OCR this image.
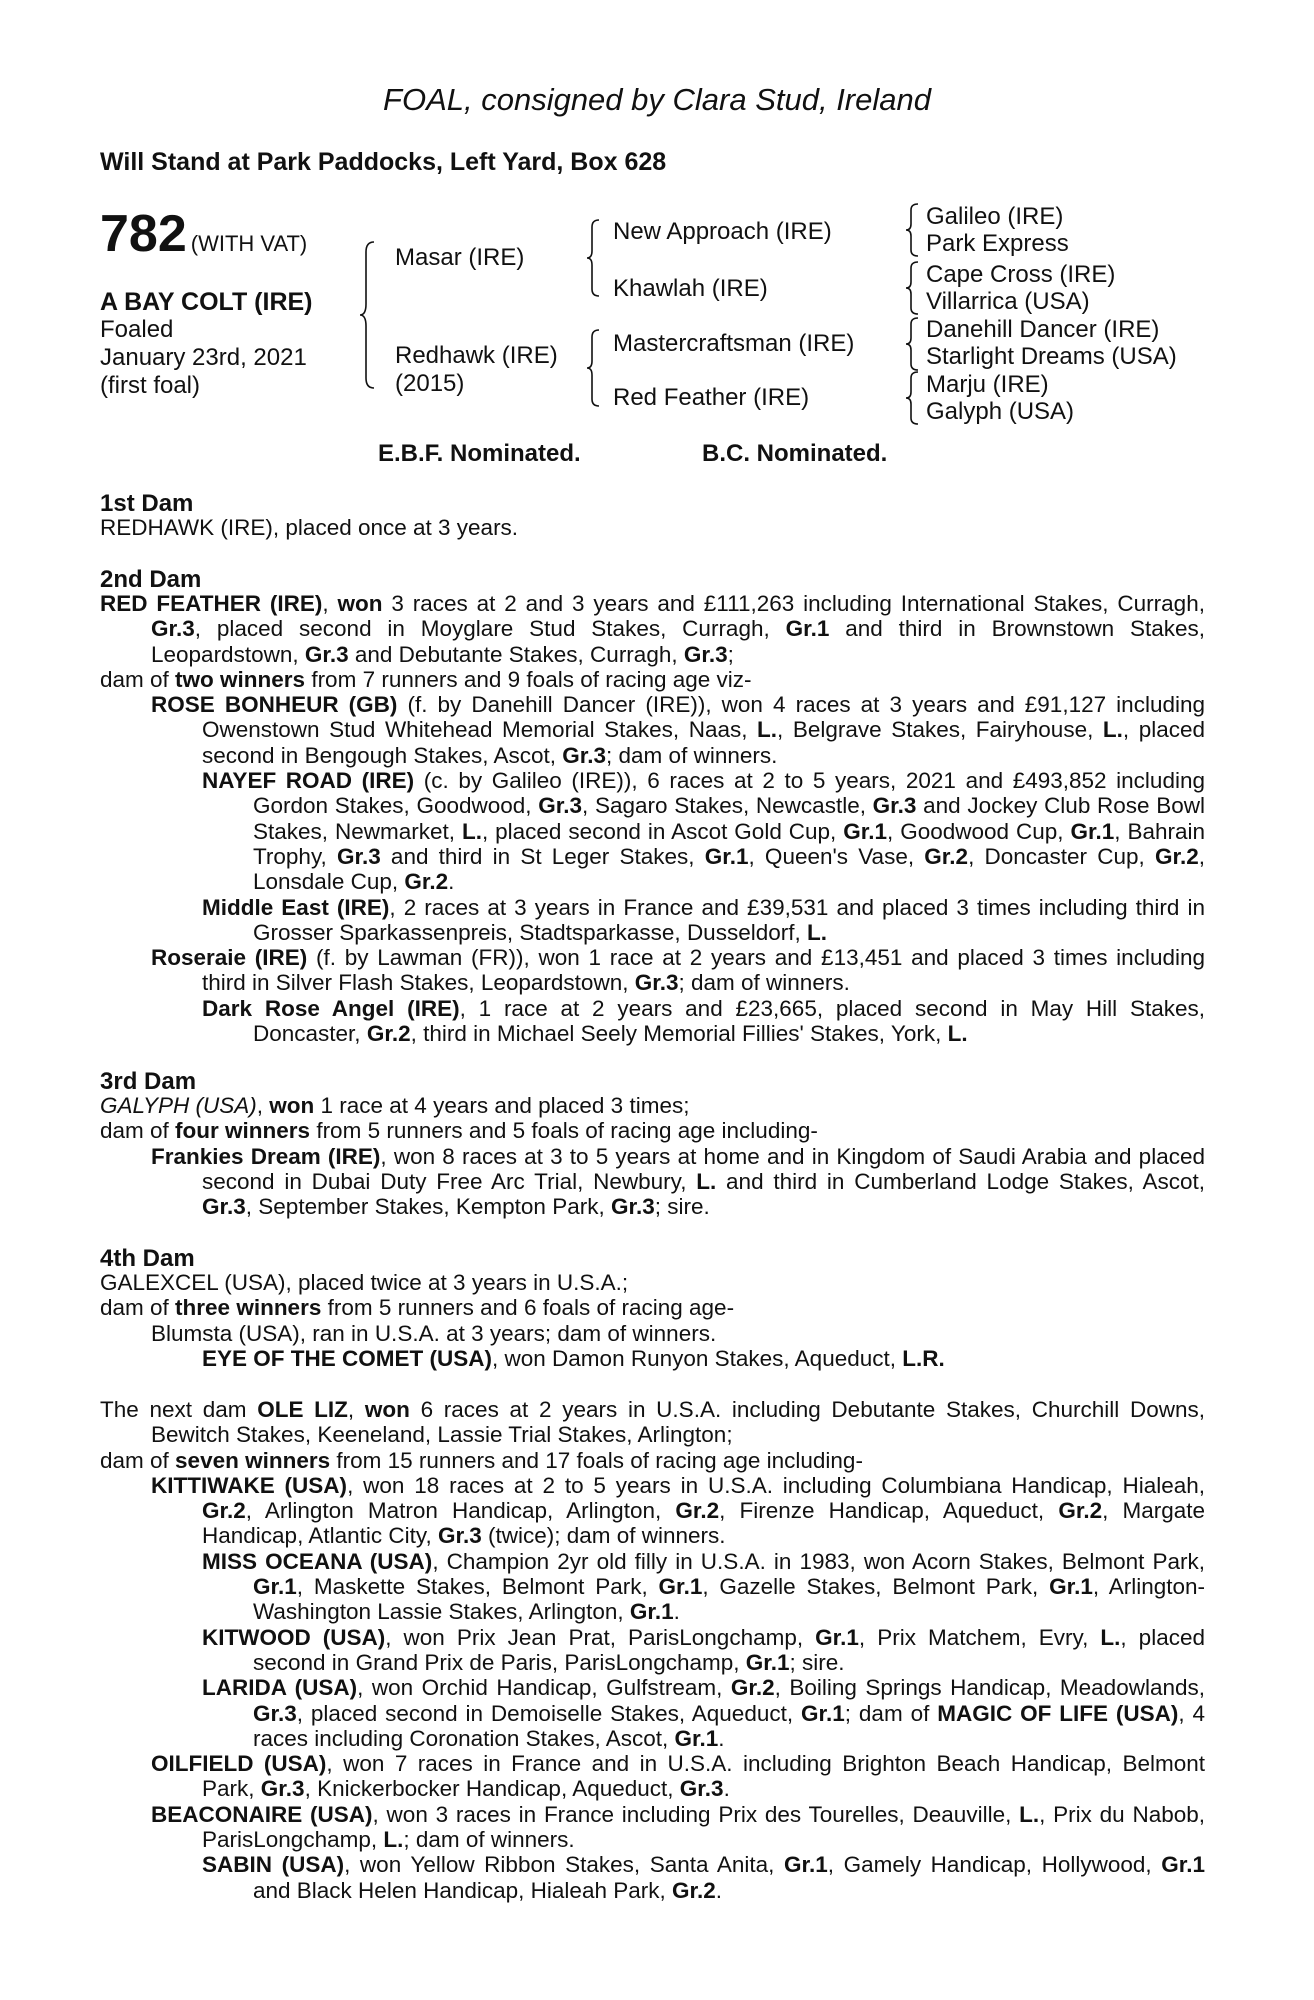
FOAL, consigned by Clara Stud, Ireland
Will Stand at Park Paddocks, Left Yard, Box 628
782 (WITH VAT)
A BAY COLT (IRE)
Foaled
January 23rd, 2021
(first foal)
Masar (IRE)
Redhawk (IRE)
(2015)
New Approach (IRE)
Khawlah (IRE)
Mastercraftsman (IRE)
Red Feather (IRE)
Galileo (IRE)
Park Express
Cape Cross (IRE)
Villarrica (USA)
Danehill Dancer (IRE)
Starlight Dreams (USA)
Marju (IRE)
Galyph (USA)
E.B.F. Nominated.	B.C. Nominated.
1st Dam

REDHAWK (IRE), placed once at 3 years.

2nd Dam

RED FEATHER (IRE), won 3 races at 2 and 3 years and £111,263 including International Stakes, Curragh, Gr.3, placed second in Moyglare Stud Stakes, Curragh, Gr.1 and third in Brownstown Stakes, Leopardstown, Gr.3 and Debutante Stakes, Curragh, Gr.3;

dam of two winners from 7 runners and 9 foals of racing age viz-

ROSE BONHEUR (GB) (f. by Danehill Dancer (IRE)), won 4 races at 3 years and £91,127 including Owenstown Stud Whitehead Memorial Stakes, Naas, L., Belgrave Stakes, Fairyhouse, L., placed second in Bengough Stakes, Ascot, Gr.3; dam of winners.

NAYEF ROAD (IRE) (c. by Galileo (IRE)), 6 races at 2 to 5 years, 2021 and £493,852 including Gordon Stakes, Goodwood, Gr.3, Sagaro Stakes, Newcastle, Gr.3 and Jockey Club Rose Bowl Stakes, Newmarket, L., placed second in Ascot Gold Cup, Gr.1, Goodwood Cup, Gr.1, Bahrain Trophy, Gr.3 and third in St Leger Stakes, Gr.1, Queen's Vase, Gr.2, Doncaster Cup, Gr.2, Lonsdale Cup, Gr.2.

Middle East (IRE), 2 races at 3 years in France and £39,531 and placed 3 times including third in Grosser Sparkassenpreis, Stadtsparkasse, Dusseldorf, L.

Roseraie (IRE) (f. by Lawman (FR)), won 1 race at 2 years and £13,451 and placed 3 times including third in Silver Flash Stakes, Leopardstown, Gr.3; dam of winners.

Dark Rose Angel (IRE), 1 race at 2 years and £23,665, placed second in May Hill Stakes, Doncaster, Gr.2, third in Michael Seely Memorial Fillies' Stakes, York, L.

3rd Dam

GALYPH (USA), won 1 race at 4 years and placed 3 times;

dam of four winners from 5 runners and 5 foals of racing age including-

Frankies Dream (IRE), won 8 races at 3 to 5 years at home and in Kingdom of Saudi Arabia and placed second in Dubai Duty Free Arc Trial, Newbury, L. and third in Cumberland Lodge Stakes, Ascot, Gr.3, September Stakes, Kempton Park, Gr.3; sire.

4th Dam

GALEXCEL (USA), placed twice at 3 years in U.S.A.;

dam of three winners from 5 runners and 6 foals of racing age-

Blumsta (USA), ran in U.S.A. at 3 years; dam of winners.

EYE OF THE COMET (USA), won Damon Runyon Stakes, Aqueduct, L.R.

The next dam OLE LIZ, won 6 races at 2 years in U.S.A. including Debutante Stakes, Churchill Downs, Bewitch Stakes, Keeneland, Lassie Trial Stakes, Arlington;

dam of seven winners from 15 runners and 17 foals of racing age including-

KITTIWAKE (USA), won 18 races at 2 to 5 years in U.S.A. including Columbiana Handicap, Hialeah, Gr.2, Arlington Matron Handicap, Arlington, Gr.2, Firenze Handicap, Aqueduct, Gr.2, Margate Handicap, Atlantic City, Gr.3 (twice); dam of winners.

MISS OCEANA (USA), Champion 2yr old filly in U.S.A. in 1983, won Acorn Stakes, Belmont Park, Gr.1, Maskette Stakes, Belmont Park, Gr.1, Gazelle Stakes, Belmont Park, Gr.1, Arlington-Washington Lassie Stakes, Arlington, Gr.1.

KITWOOD (USA), won Prix Jean Prat, ParisLongchamp, Gr.1, Prix Matchem, Evry, L., placed second in Grand Prix de Paris, ParisLongchamp, Gr.1; sire.

LARIDA (USA), won Orchid Handicap, Gulfstream, Gr.2, Boiling Springs Handicap, Meadowlands, Gr.3, placed second in Demoiselle Stakes, Aqueduct, Gr.1; dam of MAGIC OF LIFE (USA), 4 races including Coronation Stakes, Ascot, Gr.1.

OILFIELD (USA), won 7 races in France and in U.S.A. including Brighton Beach Handicap, Belmont Park, Gr.3, Knickerbocker Handicap, Aqueduct, Gr.3.

BEACONAIRE (USA), won 3 races in France including Prix des Tourelles, Deauville, L., Prix du Nabob, ParisLongchamp, L.; dam of winners.

SABIN (USA), won Yellow Ribbon Stakes, Santa Anita, Gr.1, Gamely Handicap, Hollywood, Gr.1 and Black Helen Handicap, Hialeah Park, Gr.2.
